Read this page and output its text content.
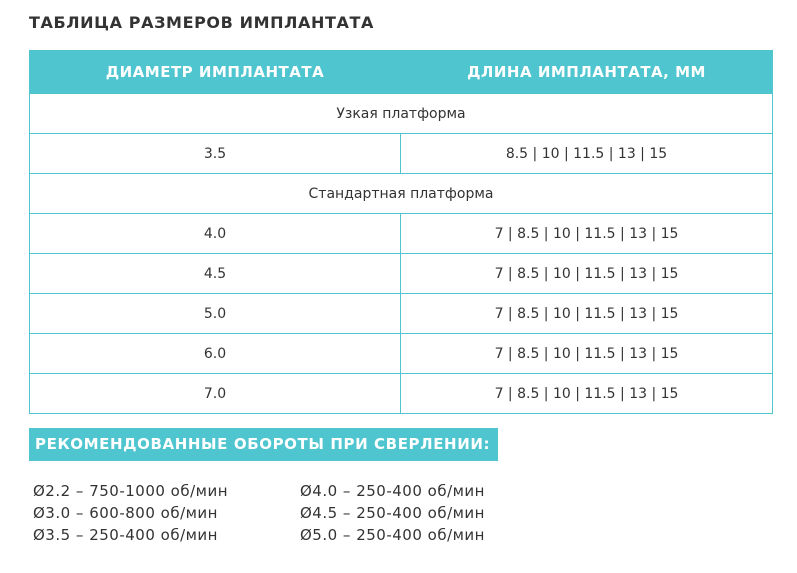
ТАБЛИЦА РАЗМЕРОВ ИМПЛАНТАТА
ДИАМЕТР ИМПЛАНТАТА	ДЛИНА ИМПЛАНТАТА, ММ
Узкая платформа	
3.5	8.5 | 10 | 11.5 | 13 | 15
Стандартная платформа	
4.0	7 | 8.5 | 10 | 11.5 | 13 | 15
4.5	7 | 8.5 | 10 | 11.5 | 13 | 15
5.0	7 | 8.5 | 10 | 11.5 | 13 | 15
6.0	7 | 8.5 | 10 | 11.5 | 13 | 15
7.0	7 | 8.5 | 10 | 11.5 | 13 | 15
РЕКОМЕНДОВАННЫЕ ОБОРОТЫ ПРИ СВЕРЛЕНИИ:
Ø2.2 – 750-1000 об/мин
Ø3.0 – 600-800 об/мин
Ø3.5 – 250-400 об/мин
Ø4.0 – 250-400 об/мин
Ø4.5 – 250-400 об/мин
Ø5.0 – 250-400 об/мин
